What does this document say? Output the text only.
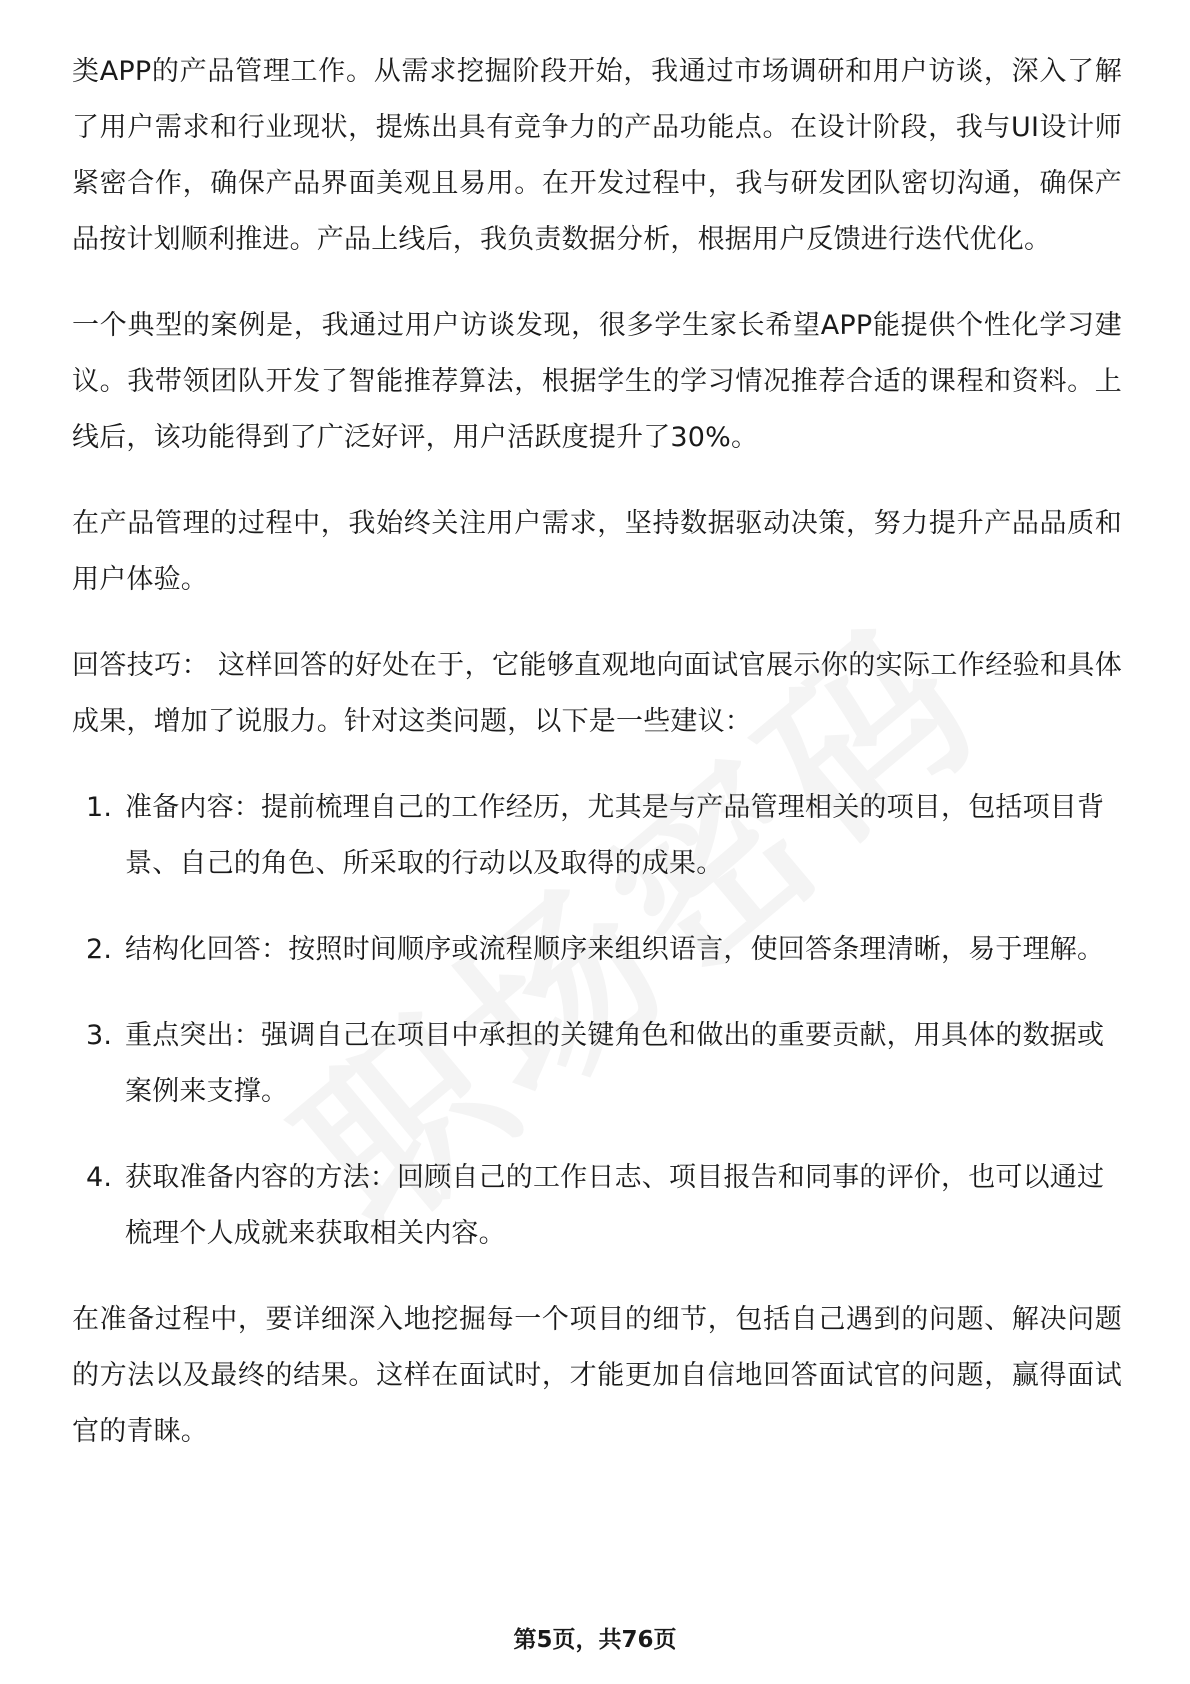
类APP的产品管理工作。从需求挖掘阶段开始，我通过市场调研和用户访谈，深入了解了用户需求和行业现状，提炼出具有竞争力的产品功能点。在设计阶段，我与UI设计师紧密合作，确保产品界面美观且易用。在开发过程中，我与研发团队密切沟通，确保产品按计划顺利推进。产品上线后，我负责数据分析，根据用户反馈进行迭代优化。

一个典型的案例是，我通过用户访谈发现，很多学生家长希望APP能提供个性化学习建议。我带领团队开发了智能推荐算法，根据学生的学习情况推荐合适的课程和资料。上线后，该功能得到了广泛好评，用户活跃度提升了30%。

在产品管理的过程中，我始终关注用户需求，坚持数据驱动决策，努力提升产品品质和用户体验。

回答技巧： 这样回答的好处在于，它能够直观地向面试官展示你的实际工作经验和具体成果，增加了说服力。针对这类问题，以下是一些建议：

1. 准备内容：提前梳理自己的工作经历，尤其是与产品管理相关的项目，包括项目背景、自己的角色、所采取的行动以及取得的成果。
2. 结构化回答：按照时间顺序或流程顺序来组织语言，使回答条理清晰，易于理解。
3. 重点突出：强调自己在项目中承担的关键角色和做出的重要贡献，用具体的数据或案例来支撑。
4. 获取准备内容的方法：回顾自己的工作日志、项目报告和同事的评价，也可以通过梳理个人成就来获取相关内容。

在准备过程中，要详细深入地挖掘每一个项目的细节，包括自己遇到的问题、解决问题的方法以及最终的结果。这样在面试时，才能更加自信地回答面试官的问题，赢得面试官的青睐。

第5页，共76页
